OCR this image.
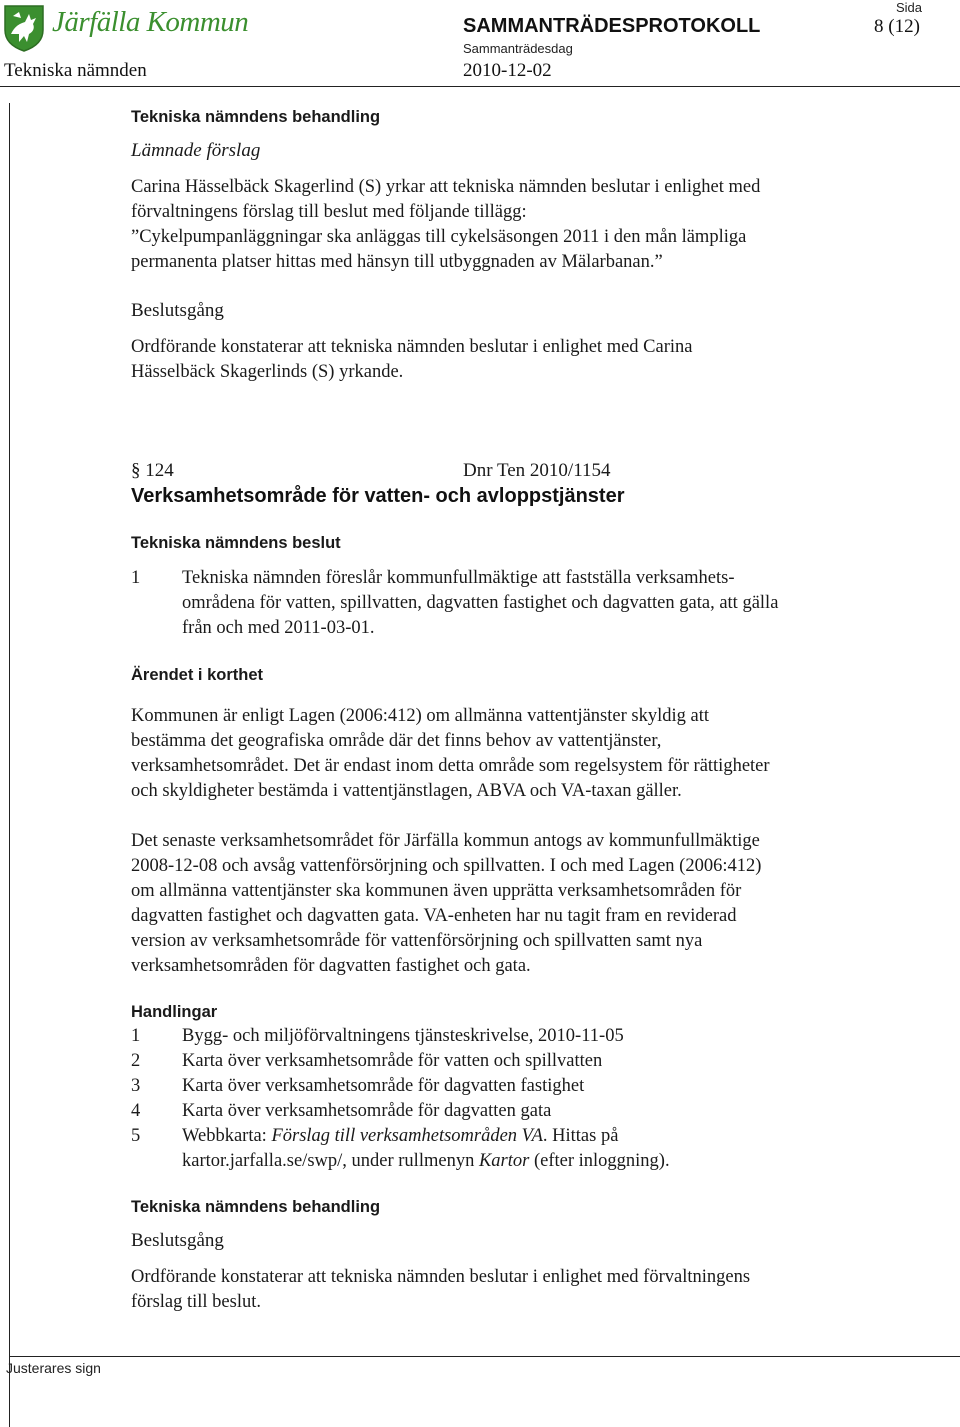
Järfälla Kommun	SAMMANTRÄDESPROTOKOLL
Sida
8 (12)
Sammanträdesdag
Tekniska nämnden	2010-12-02
Tekniska nämndens behandling
Lämnade förslag
Carina Hässelbäck Skagerlind (S) yrkar att tekniska nämnden beslutar i enlighet med
förvaltningens förslag till beslut med följande tillägg:
”Cykelpumpanläggningar ska anläggas till cykelsäsongen 2011 i den mån lämpliga
permanenta platser hittas med hänsyn till utbyggnaden av Mälarbanan.”
Beslutsgång
Ordförande konstaterar att tekniska nämnden beslutar i enlighet med Carina
Hässelbäck Skagerlinds (S) yrkande.
§ 124	Dnr Ten 2010/1154
Verksamhetsområde för vatten- och avloppstjänster
Tekniska nämndens beslut
1 Tekniska nämnden föreslår kommunfullmäktige att fastställa verksamhets-
områdena för vatten, spillvatten, dagvatten fastighet och dagvatten gata, att gälla
från och med 2011-03-01.
Ärendet i korthet
Kommunen är enligt Lagen (2006:412) om allmänna vattentjänster skyldig att
bestämma det geografiska område där det finns behov av vattentjänster,
verksamhetsområdet. Det är endast inom detta område som regelsystem för rättigheter
och skyldigheter bestämda i vattentjänstlagen, ABVA och VA-taxan gäller.
Det senaste verksamhetsområdet för Järfälla kommun antogs av kommunfullmäktige
2008-12-08 och avsåg vattenförsörjning och spillvatten. I och med Lagen (2006:412)
om allmänna vattentjänster ska kommunen även upprätta verksamhetsområden för
dagvatten fastighet och dagvatten gata. VA-enheten har nu tagit fram en reviderad
version av verksamhetsområde för vattenförsörjning och spillvatten samt nya
verksamhetsområden för dagvatten fastighet och gata.
Handlingar
1 Bygg- och miljöförvaltningens tjänsteskrivelse, 2010-11-05
2 Karta över verksamhetsområde för vatten och spillvatten
3 Karta över verksamhetsområde för dagvatten fastighet
4 Karta över verksamhetsområde för dagvatten gata
5 Webbkarta: Förslag till verksamhetsområden VA. Hittas på
kartor.jarfalla.se/swp/, under rullmenyn Kartor (efter inloggning).
Tekniska nämndens behandling
Beslutsgång
Ordförande konstaterar att tekniska nämnden beslutar i enlighet med förvaltningens
förslag till beslut.
Justerares sign
